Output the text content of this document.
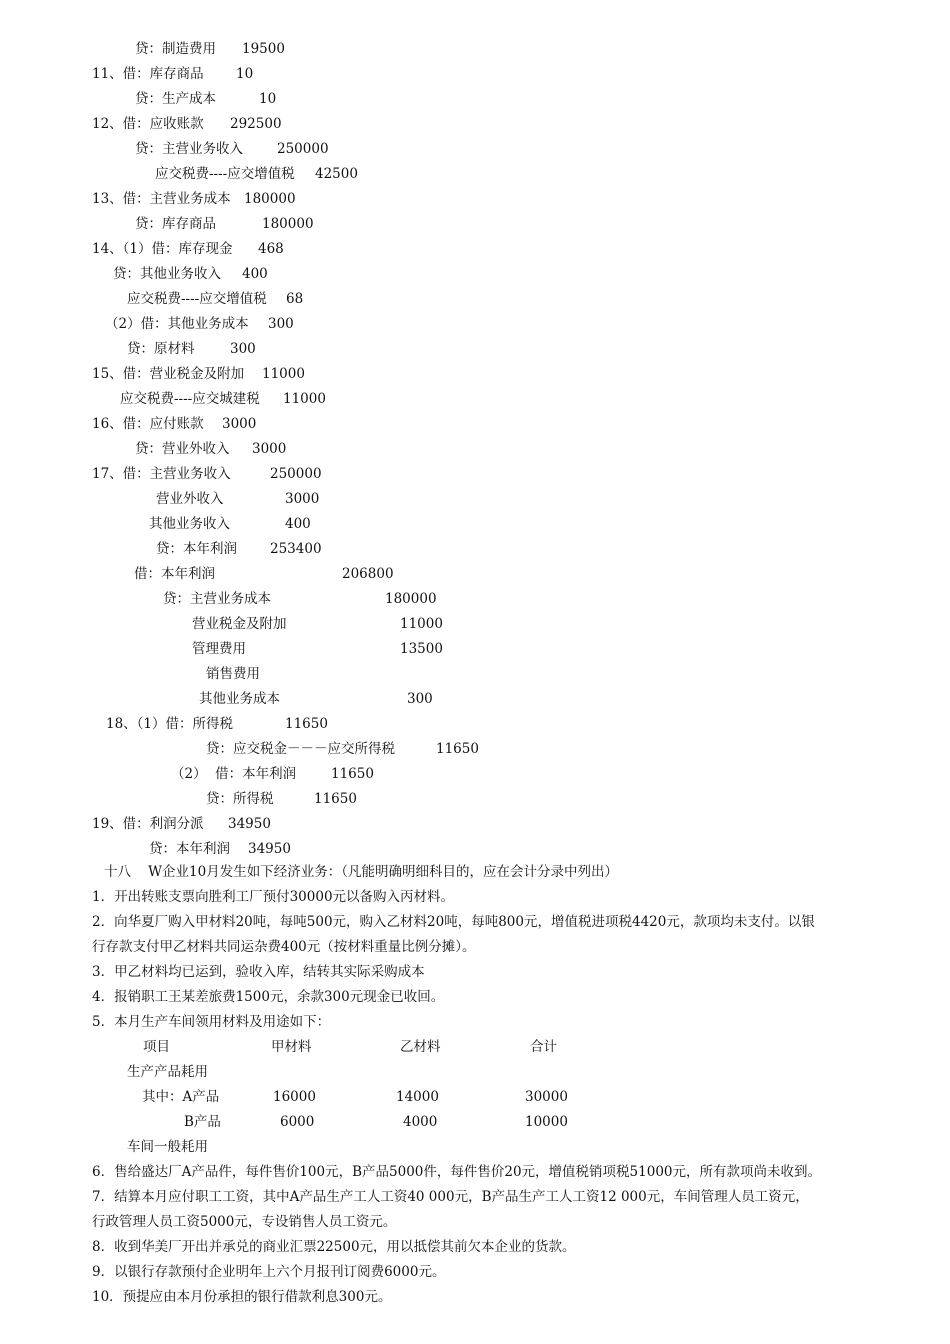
贷：制造费用 19500
11、借：库存商品 10
贷：生产成本	10
12、借：应收账款 292500
贷：主营业务收入	250000
应交税费----应交增值税 42500
13、借：主营业务成本 180000
贷：库存商品	180000
14、（1）借：库存现金 468
贷：其他业务收入 400
应交税费----应交增值税 68
（2）借：其他业务成本 300
贷：原材料	300
15、借：营业税金及附加 11000
应交税费----应交城建税 11000
16、借：应付账款 3000
贷：营业外收入 3000
17、借：主营业务收入	250000
营业外收入	3000
其他业务收入	400
贷：本年利润 253400
借：本年利润	206800
贷：主营业务成本	180000
营业税金及附加	11000
管理费用	13500
销售费用
其他业务成本	300
18、（1）借：所得税	11650
贷：应交税金－－－应交所得税	11650
（2）  借：本年利润	11650
贷：所得税	11650
19、借：利润分派 34950
贷：本年利润 34950
十八    W企业10月发生如下经济业务：（凡能明确明细科目的，应在会计分录中列出）
1．开出转账支票向胜利工厂预付30000元以备购入丙材料。
2．向华夏厂购入甲材料20吨，每吨500元，购入乙材料20吨，每吨800元，增值税进项税4420元，款项均未支付。以银
行存款支付甲乙材料共同运杂费400元（按材料重量比例分摊）。
3．甲乙材料均已运到，验收入库，结转其实际采购成本
4．报销职工王某差旅费1500元，余款300元现金已收回。
5．本月生产车间领用材料及用途如下：
项目	甲材料	乙材料	合计
生产产品耗用
其中：A产品	16000	14000	30000
B产品	6000	4000	10000
车间一般耗用
6．售给盛达厂A产品件，每件售价100元，B产品5000件，每件售价20元，增值税销项税51000元，所有款项尚未收到。
7．结算本月应付职工工资，其中A产品生产工人工资40 000元，B产品生产工人工资12 000元，车间管理人员工资元，
行政管理人员工资5000元，专设销售人员工资元。
8．收到华美厂开出并承兑的商业汇票22500元，用以抵偿其前欠本企业的货款。
9．以银行存款预付企业明年上六个月报刊订阅费6000元。
10．预提应由本月份承担的银行借款利息300元。
